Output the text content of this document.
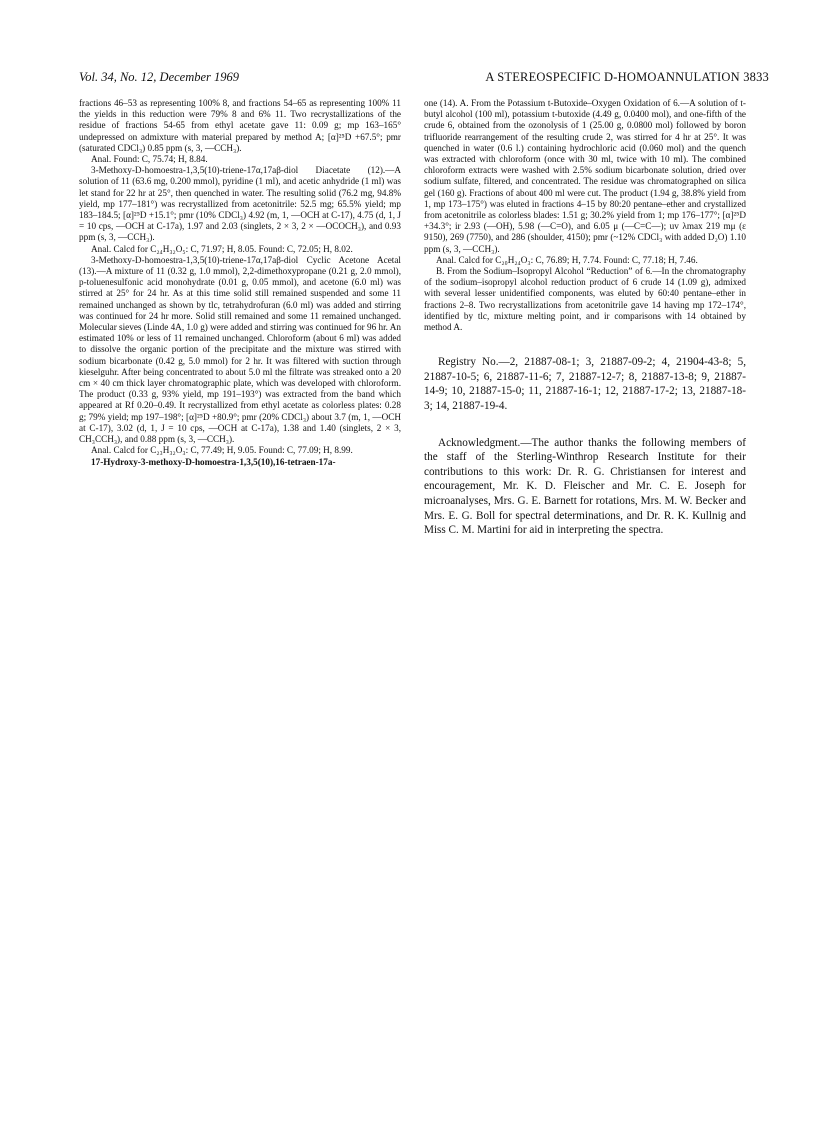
Vol. 34, No. 12, December 1969	A STEREOSPECIFIC D-HOMOANNULATION 3833

fractions 46–53 as representing 100% 8, and fractions 54–65 as representing 100% 11 the yields in this reduction were 79% 8 and 6% 11. Two recrystallizations of the residue of fractions 54-65 from ethyl acetate gave 11: 0.09 g; mp 163–165° undepressed on admixture with material prepared by method A; [α]²⁵D +67.5°; pmr (saturated CDCl₃) 0.85 ppm (s, 3, —CCH₃).

Anal. Found: C, 75.74; H, 8.84.

3-Methoxy-D-homoestra-1,3,5(10)-triene-17α,17aβ-diol Diacetate (12).—A solution of 11 (63.6 mg, 0.200 mmol), pyridine (1 ml), and acetic anhydride (1 ml) was let stand for 22 hr at 25°, then quenched in water. The resulting solid (76.2 mg, 94.8% yield, mp 177–181°) was recrystallized from acetonitrile: 52.5 mg; 65.5% yield; mp 183–184.5; [α]²⁵D +15.1°; pmr (10% CDCl₃) 4.92 (m, 1, —OCH at C-17), 4.75 (d, 1, J = 10 cps, —OCH at C-17a), 1.97 and 2.03 (singlets, 2 × 3, 2 × —OCOCH₃), and 0.93 ppm (s, 3, —CCH₃).

Anal. Calcd for C₂₄H₃₂O₅: C, 71.97; H, 8.05. Found: C, 72.05; H, 8.02.

3-Methoxy-D-homoestra-1,3,5(10)-triene-17α,17aβ-diol Cyclic Acetone Acetal (13).—A mixture of 11 (0.32 g, 1.0 mmol), 2,2-dimethoxypropane (0.21 g, 2.0 mmol), p-toluenesulfonic acid monohydrate (0.01 g, 0.05 mmol), and acetone (6.0 ml) was stirred at 25° for 24 hr. As at this time solid still remained suspended and some 11 remained unchanged as shown by tlc, tetrahydrofuran (6.0 ml) was added and stirring was continued for 24 hr more. Solid still remained and some 11 remained unchanged. Molecular sieves (Linde 4A, 1.0 g) were added and stirring was continued for 96 hr. An estimated 10% or less of 11 remained unchanged. Chloroform (about 6 ml) was added to dissolve the organic portion of the precipitate and the mixture was stirred with sodium bicarbonate (0.42 g, 5.0 mmol) for 2 hr. It was filtered with suction through kieselguhr. After being concentrated to about 5.0 ml the filtrate was streaked onto a 20 cm × 40 cm thick layer chromatographic plate, which was developed with chloroform. The product (0.33 g, 93% yield, mp 191–193°) was extracted from the band which appeared at Rf 0.20–0.49. It recrystallized from ethyl acetate as colorless plates: 0.28 g; 79% yield; mp 197–198°; [α]²⁵D +80.9°; pmr (20% CDCl₃) about 3.7 (m, 1, —OCH at C-17), 3.02 (d, 1, J = 10 cps, —OCH at C-17a), 1.38 and 1.40 (singlets, 2 × 3, CH₃CCH₃), and 0.88 ppm (s, 3, —CCH₃).

Anal. Calcd for C₂₃H₃₂O₃: C, 77.49; H, 9.05. Found: C, 77.09; H, 8.99.

17-Hydroxy-3-methoxy-D-homoestra-1,3,5(10),16-tetraen-17a-

one (14). A. From the Potassium t-Butoxide–Oxygen Oxidation of 6.—A solution of t-butyl alcohol (100 ml), potassium t-butoxide (4.49 g, 0.0400 mol), and one-fifth of the crude 6, obtained from the ozonolysis of 1 (25.00 g, 0.0800 mol) followed by boron trifluoride rearrangement of the resulting crude 2, was stirred for 4 hr at 25°. It was quenched in water (0.6 l.) containing hydrochloric acid (0.060 mol) and the quench was extracted with chloroform (once with 30 ml, twice with 10 ml). The combined chloroform extracts were washed with 2.5% sodium bicarbonate solution, dried over sodium sulfate, filtered, and concentrated. The residue was chromatographed on silica gel (160 g). Fractions of about 400 ml were cut. The product (1.94 g, 38.8% yield from 1, mp 173–175°) was eluted in fractions 4–15 by 80:20 pentane–ether and crystallized from acetonitrile as colorless blades: 1.51 g; 30.2% yield from 1; mp 176–177°; [α]²⁵D +34.3°; ir 2.93 (—OH), 5.98 (—C=O), and 6.05 μ (—C=C—); uv λmax 219 mμ (ε 9150), 269 (7750), and 286 (shoulder, 4150); pmr (~12% CDCl₃ with added D₂O) 1.10 ppm (s, 3, —CCH₃).

Anal. Calcd for C₂₀H₂₄O₃: C, 76.89; H, 7.74. Found: C, 77.18; H, 7.46.

B. From the Sodium–Isopropyl Alcohol “Reduction” of 6.—In the chromatography of the sodium–isopropyl alcohol reduction product of 6 crude 14 (1.09 g), admixed with several lesser unidentified components, was eluted by 60:40 pentane–ether in fractions 2–8. Two recrystallizations from acetonitrile gave 14 having mp 172–174°, identified by tlc, mixture melting point, and ir comparisons with 14 obtained by method A.

Registry No.—2, 21887-08-1; 3, 21887-09-2; 4, 21904-43-8; 5, 21887-10-5; 6, 21887-11-6; 7, 21887-12-7; 8, 21887-13-8; 9, 21887-14-9; 10, 21887-15-0; 11, 21887-16-1; 12, 21887-17-2; 13, 21887-18-3; 14, 21887-19-4.

Acknowledgment.—The author thanks the following members of the staff of the Sterling-Winthrop Research Institute for their contributions to this work: Dr. R. G. Christiansen for interest and encouragement, Mr. K. D. Fleischer and Mr. C. E. Joseph for microanalyses, Mrs. G. E. Barnett for rotations, Mrs. M. W. Becker and Mrs. E. G. Boll for spectral determinations, and Dr. R. K. Kullnig and Miss C. M. Martini for aid in interpreting the spectra.
